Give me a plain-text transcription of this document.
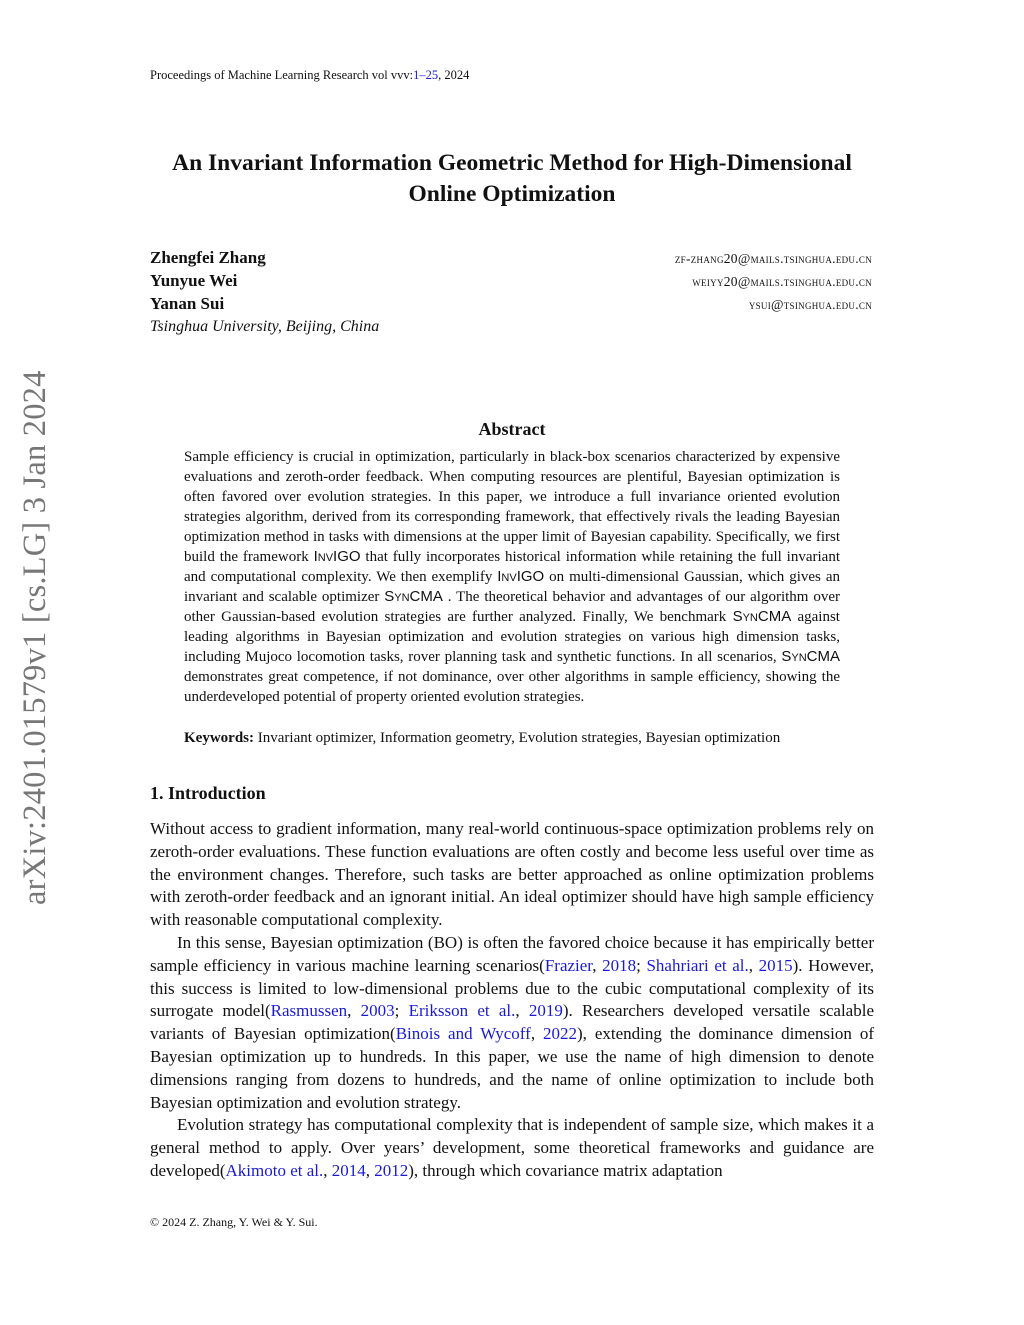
Proceedings of Machine Learning Research vol vvv:1–25, 2024
An Invariant Information Geometric Method for High-Dimensional
Online Optimization
Zhengfei Zhang	zf-zhang20@mails.tsinghua.edu.cn
Yunyue Wei	weiyy20@mails.tsinghua.edu.cn
Yanan Sui	ysui@tsinghua.edu.cn
Tsinghua University, Beijing, China
arXiv:2401.01579v1 [cs.LG] 3 Jan 2024	Abstract
Sample efficiency is crucial in optimization, particularly in black-box scenarios characterized by expensive evaluations and zeroth-order feedback. When computing resources are plentiful, Bayesian optimization is often favored over evolution strategies. In this paper, we introduce a full invariance oriented evolution strategies algorithm, derived from its corresponding framework, that effectively rivals the leading Bayesian optimization method in tasks with dimensions at the upper limit of Bayesian capability. Specifically, we first build the framework InvIGO that fully incorporates historical information while retaining the full invariant and computational complexity. We then exemplify InvIGO on multi-dimensional Gaussian, which gives an invariant and scalable optimizer SynCMA . The theoretical behavior and advantages of our algorithm over other Gaussian-based evolution strategies are further analyzed. Finally, We benchmark SynCMA against leading algorithms in Bayesian optimization and evolution strategies on various high dimension tasks, including Mujoco locomotion tasks, rover planning task and synthetic functions. In all scenarios, SynCMA demonstrates great competence, if not dominance, over other algorithms in sample efficiency, showing the underdeveloped potential of property oriented evolution strategies.
Keywords: Invariant optimizer, Information geometry, Evolution strategies, Bayesian optimization
1. Introduction

Without access to gradient information, many real-world continuous-space optimization problems rely on zeroth-order evaluations. These function evaluations are often costly and become less useful over time as the environment changes. Therefore, such tasks are better approached as online optimization problems with zeroth-order feedback and an ignorant initial. An ideal optimizer should have high sample efficiency with reasonable computational complexity.

In this sense, Bayesian optimization (BO) is often the favored choice because it has empirically better sample efficiency in various machine learning scenarios(Frazier, 2018; Shahriari et al., 2015). However, this success is limited to low-dimensional problems due to the cubic computational complexity of its surrogate model(Rasmussen, 2003; Eriksson et al., 2019). Researchers developed versatile scalable variants of Bayesian optimization(Binois and Wycoff, 2022), extending the dominance dimension of Bayesian optimization up to hundreds. In this paper, we use the name of high dimension to denote dimensions ranging from dozens to hundreds, and the name of online optimization to include both Bayesian optimization and evolution strategy.

Evolution strategy has computational complexity that is independent of sample size, which makes it a general method to apply. Over years’ development, some theoretical frameworks and guidance are developed(Akimoto et al., 2014, 2012), through which covariance matrix adaptation

© 2024 Z. Zhang, Y. Wei & Y. Sui.
